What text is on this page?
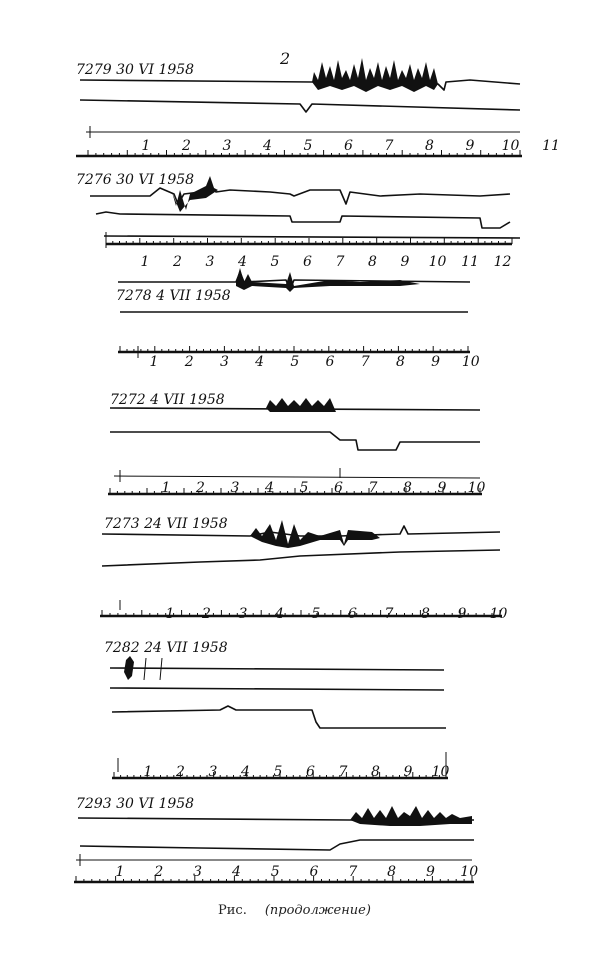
2
7279 30 VI 1958
1 2 3 4 5 6 7 8 9 10 11
7276 30 VI 1958
1 2 3 4 5 6 7 8 9 10 11 12
7278 4 VII 1958
1 2 3 4 5 6 7 8 9 10
7272 4 VII 1958
1 2 3 4 5 6 7 8 9 10
7273 24 VII 1958
1 2 3 4 5 6 7 8 9 10
7282 24 VII 1958
1 2 3 4 5 6 7 8 9 10
7293 30 VI 1958
1 2 3 4 5 6 7 8 9 10
Рис. (продолжение)
